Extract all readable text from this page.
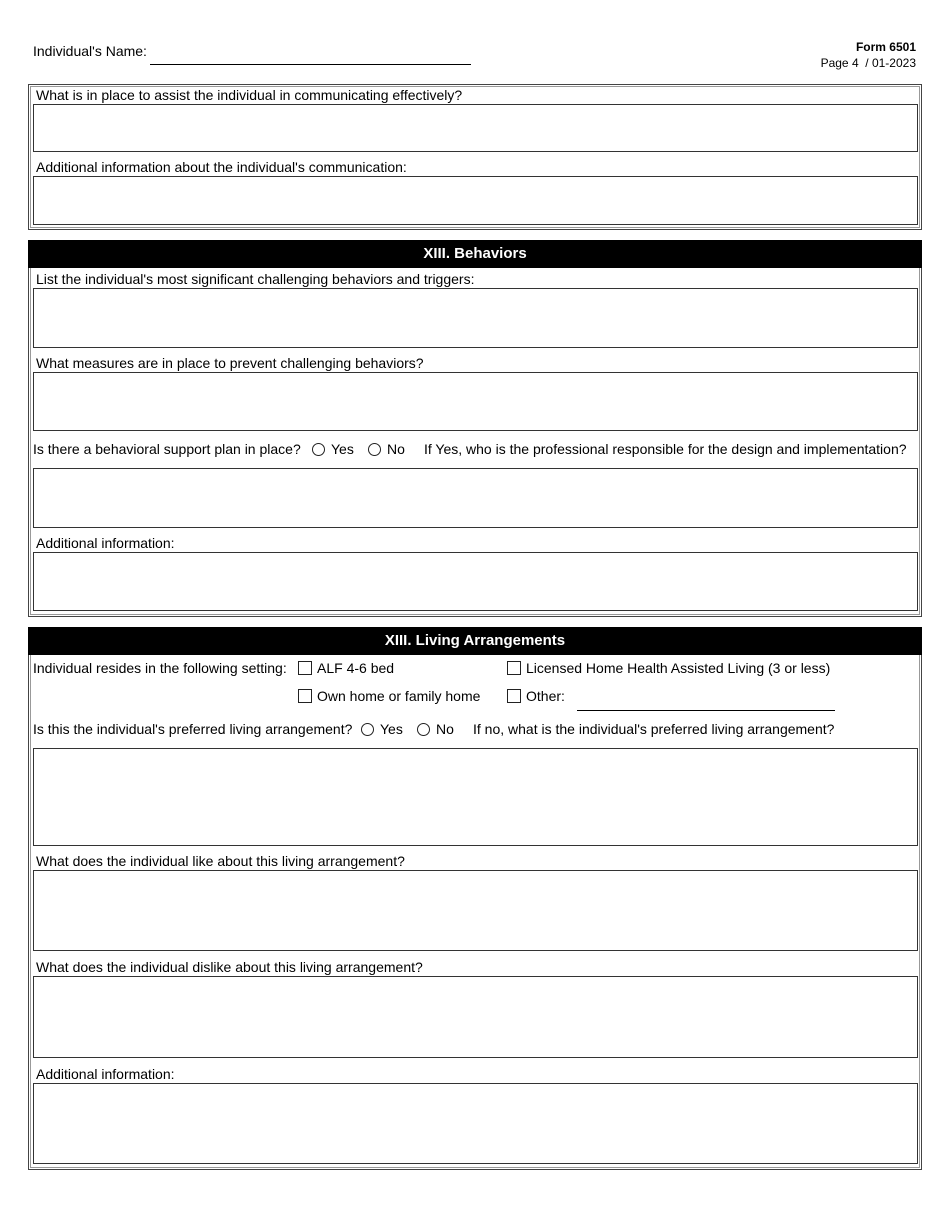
Individual's Name:	Form 6501
Page 4  / 01-2023
What is in place to assist the individual in communicating effectively?
Additional information about the individual's communication:
XIII. Behaviors
List the individual's most significant challenging behaviors and triggers:
What measures are in place to prevent challenging behaviors?
Is there a behavioral support plan in place? Yes No If Yes, who is the professional responsible for the design and implementation?
Additional information:
XIII. Living Arrangements
Individual resides in the following setting: ALF 4-6 bed	Licensed Home Health Assisted Living (3 or less)
Own home or family home	Other:
Is this the individual's preferred living arrangement? Yes No If no, what is the individual's preferred living arrangement?
What does the individual like about this living arrangement?
What does the individual dislike about this living arrangement?
Additional information:
